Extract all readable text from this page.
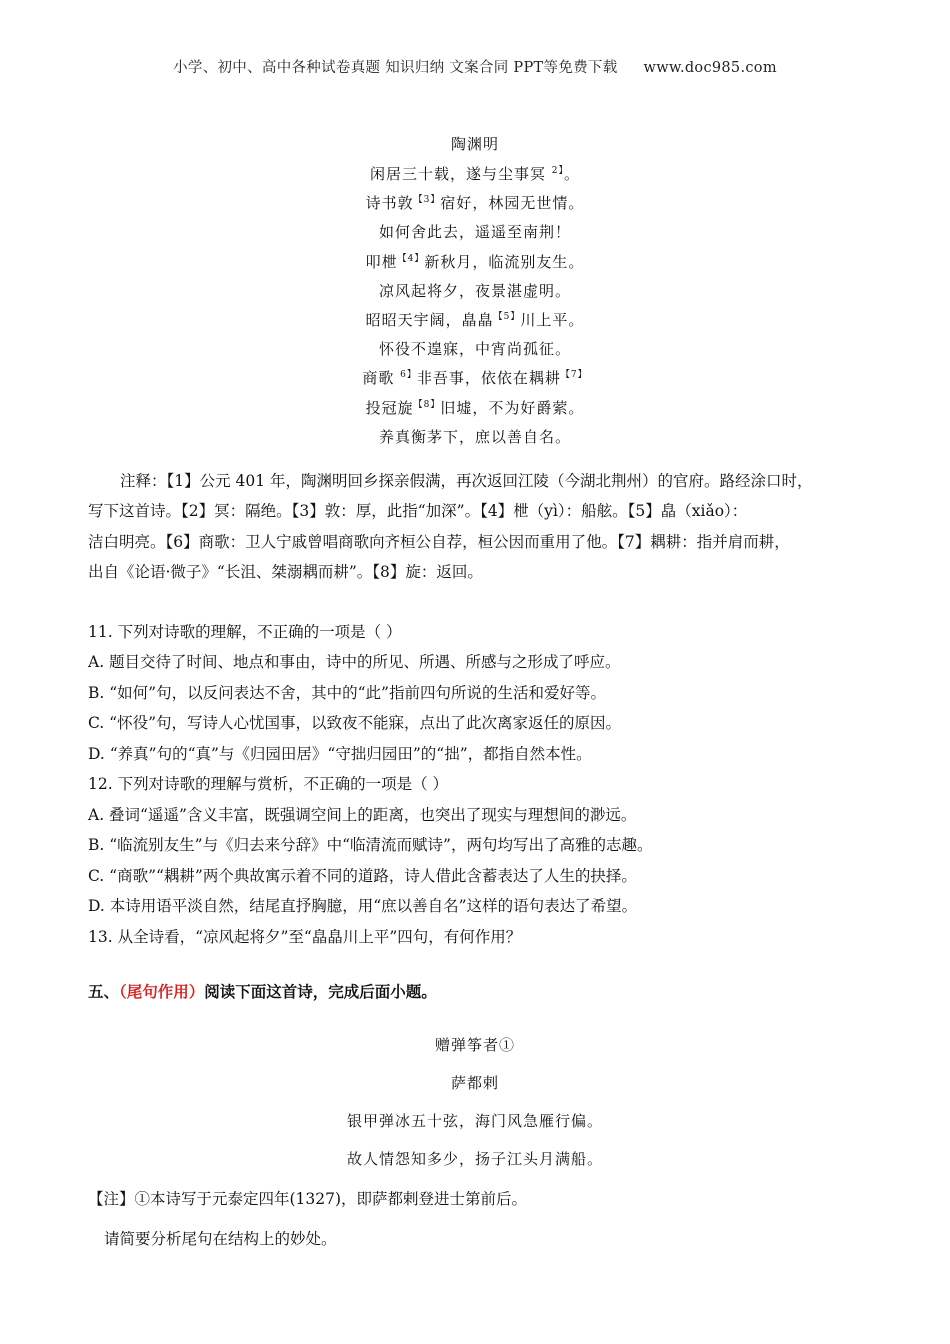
小学、初中、高中各种试卷真题 知识归纳 文案合同 PPT等免费下载 www.doc985.com
陶渊明
闲居三十载，遂与尘事冥 $^{2】}$。
诗书敦$^{【3】}$宿好，林园无世情。
如何舍此去，遥遥至南荆！
叩枻$^{【4】}$新秋月，临流别友生。
凉风起将夕，夜景湛虚明。
昭昭天宇阔，皛皛$^{【5】}$川上平。
怀役不遑寐，中宵尚孤征。
商歌 $^{6】}$非吾事，依依在耦耕$^{【7】}$
投冠旋$^{【8】}$旧墟，不为好爵萦。
养真衡茅下，庶以善自名。
注释：【1】公元 401 年，陶渊明回乡探亲假满，再次返回江陵（今湖北荆州）的官府。路经涂口时，
写下这首诗。【2】冥：隔绝。【3】敦：厚，此指“加深”。【4】枻（yì）：船舷。【5】皛（xiǎo）：
洁白明亮。【6】商歌：卫人宁戚曾唱商歌向齐桓公自荐，桓公因而重用了他。【7】耦耕：指并肩而耕，
出自《论语·微子》“长沮、桀溺耦而耕”。【8】旋：返回。
11. 下列对诗歌的理解，不正确的一项是（ ）
A. 题目交待了时间、地点和事由，诗中的所见、所遇、所感与之形成了呼应。
B. “如何”句，以反问表达不舍，其中的“此”指前四句所说的生活和爱好等。
C. “怀役”句，写诗人心忧国事，以致夜不能寐，点出了此次离家返任的原因。
D. “养真”句的“真”与《归园田居》“守拙归园田”的“拙”，都指自然本性。
12. 下列对诗歌的理解与赏析，不正确的一项是（ ）
A. 叠词“遥遥”含义丰富，既强调空间上的距离，也突出了现实与理想间的渺远。
B. “临流别友生”与《归去来兮辞》中“临清流而赋诗”，两句均写出了高雅的志趣。
C. “商歌”“耦耕”两个典故寓示着不同的道路，诗人借此含蓄表达了人生的抉择。
D. 本诗用语平淡自然，结尾直抒胸臆，用“庶以善自名”这样的语句表达了希望。
13. 从全诗看，“凉风起将夕”至“皛皛川上平”四句，有何作用？
五、（尾句作用）阅读下面这首诗，完成后面小题。
赠弹筝者①
萨都剌
银甲弹冰五十弦，海门风急雁行偏。
故人情怨知多少，扬子江头月满船。
【注】①本诗写于元泰定四年(1327)，即萨都剌登进士第前后。
请简要分析尾句在结构上的妙处。
